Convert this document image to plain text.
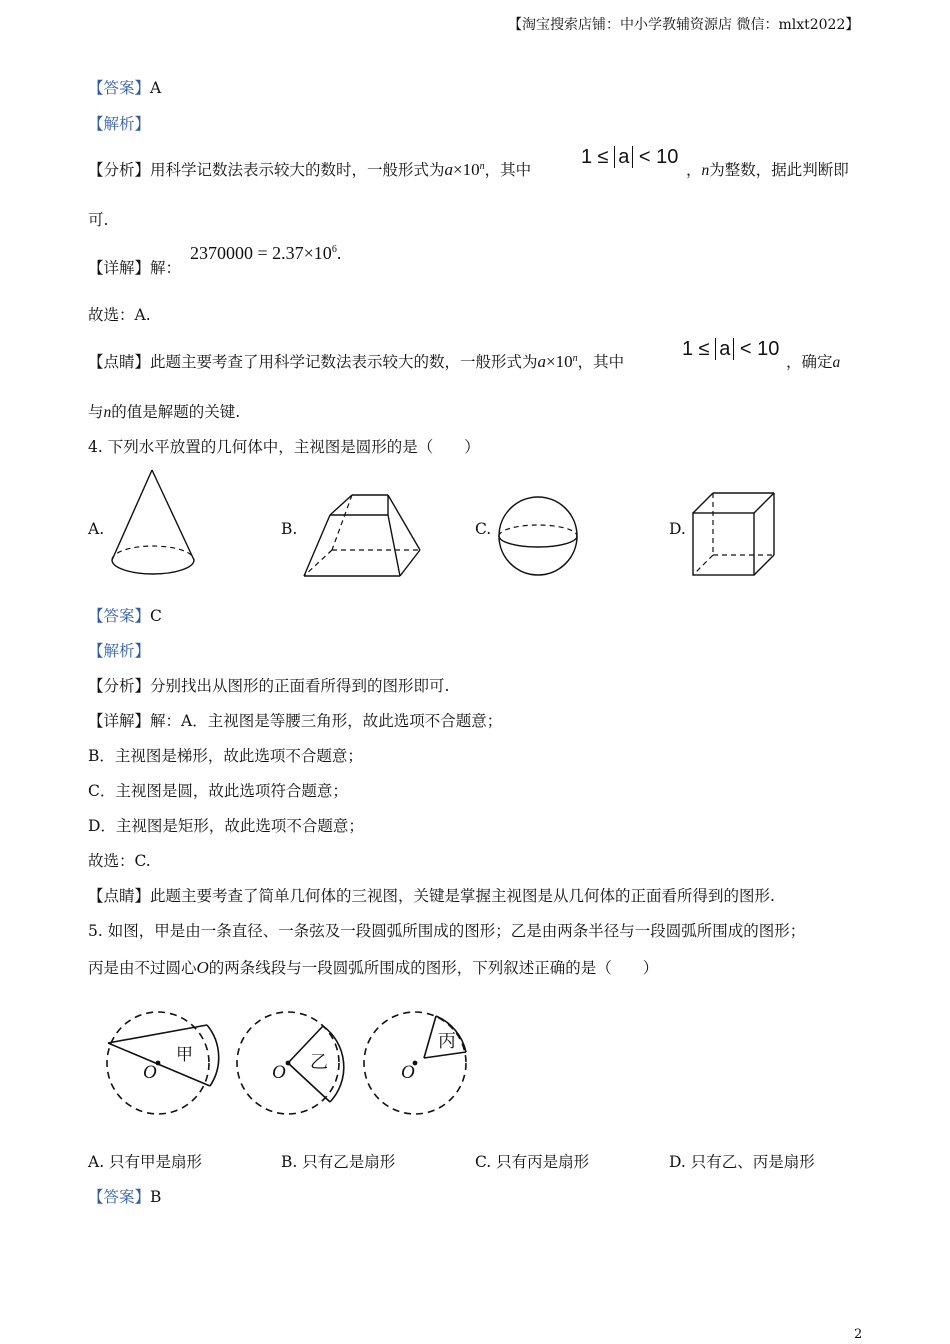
【淘宝搜索店铺：中小学教辅资源店 微信：mlxt2022】
【答案】A
【解析】
【分析】用科学记数法表示较大的数时，一般形式为$a\times 10^n$，其中
1 ≤ a < 10
，n为整数，据此判断即
可.
【详解】解：
$2370000 = 2.37\times 10^6$.
故选：A.
【点睛】此题主要考查了用科学记数法表示较大的数，一般形式为$a\times 10^n$，其中
1 ≤ a < 10
，确定a
与n的值是解题的关键.
4. 下列水平放置的几何体中，主视图是圆形的是（　　）
A.	B.	C.	D.
【答案】C
【解析】
【分析】分别找出从图形的正面看所得到的图形即可.
【详解】解：A．主视图是等腰三角形，故此选项不合题意；
B．主视图是梯形，故此选项不合题意；
C．主视图是圆，故此选项符合题意；
D．主视图是矩形，故此选项不合题意；
故选：C.
【点睛】此题主要考查了简单几何体的三视图，关键是掌握主视图是从几何体的正面看所得到的图形.
5. 如图，甲是由一条直径、一条弦及一段圆弧所围成的图形；乙是由两条半径与一段圆弧所围成的图形；
丙是由不过圆心O的两条线段与一段圆弧所围成的图形，下列叙述正确的是（　　）
甲
O	乙
O
丙
O
A. 只有甲是扇形	B. 只有乙是扇形	C. 只有丙是扇形	D. 只有乙、丙是扇形
【答案】B
2
